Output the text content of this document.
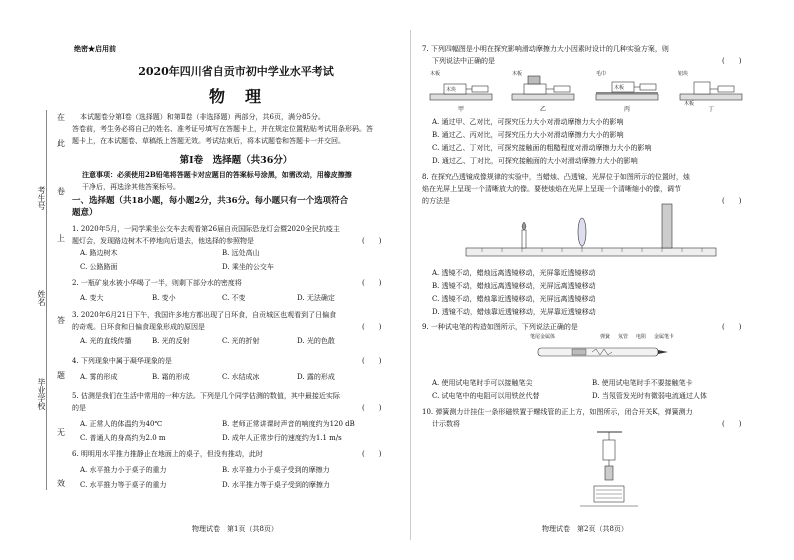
考生号
姓名
毕业学校
在
此
卷
上
答
题
无
效
绝密★启用前
2020年四川省自贡市初中学业水平考试
物　理
本试题卷分第Ⅰ卷（选择题）和第Ⅱ卷（非选择题）两部分，共6页，满分85分。
答卷前，考生务必将自己的姓名、准考证号填写在答题卡上，并在规定位置粘贴考试用条形码。答
题卡上，在本试题卷、草稿纸上答题无效。考试结束后，将本试题卷和答题卡一并交回。
第Ⅰ卷　选择题（共36分）
注意事项：必须使用2B铅笔将答题卡对应题目的答案标号涂黑，如需改动，用橡皮擦擦
干净后，再选涂其他答案标号。
一、选择题（共18小题，每小题2分，共36分。每小题只有一个选项符合
题意）
1. 2020年5月，一同学乘坐公交车去观看第26届自贡国际恐龙灯会暨2020全民抗疫主
题灯会，发现路边树木不停地向后退去，他选择的参照物是	(　　)
A. 路边树木	B. 远处高山
C. 公路路面	D. 乘坐的公交车
2. 一瓶矿泉水被小华喝了一半，则剩下部分水的密度将	(　　)
A. 变大	B. 变小	C. 不变	D. 无法确定
3. 2020年6月21日下午，我国许多地方都出现了日环食，自贡城区也观看到了日偏食
的奇观。日环食和日偏食现象形成的原因是	(　　)
A. 光的直线传播	B. 光的反射	C. 光的折射	D. 光的色散
4. 下列现象中属于凝华现象的是	(　　)
A. 雾的形成	B. 霜的形成	C. 水结成冰	D. 露的形成
5. 估测是我们在生活中常用的一种方法。下列是几个同学估测的数值，其中最接近实际
的是	(　　)
A. 正常人的体温约为40℃	B. 老师正常讲课时声音的响度约为120 dB
C. 普通人的身高约为2.0 m	D. 成年人正常步行的速度约为1.1 m/s
6. 明明用水平推力推静止在地面上的桌子，但没有推动，此时	(　　)
A. 水平推力小于桌子的重力	B. 水平推力小于桌子受到的摩擦力
C. 水平推力等于桌子的重力	D. 水平推力等于桌子受到的摩擦力
物理试卷　第1页（共8页）
7. 下列四幅图是小明在探究影响滑动摩擦力大小因素时设计的几种实验方案，则
下列说法中正确的是	(　　)
木板
木块
木板	毛巾
木板
铝块
木板
甲	乙	丙	丁
A. 通过甲、乙对比，可探究压力大小对滑动摩擦力大小的影响
B. 通过乙、丙对比，可探究压力大小对滑动摩擦力大小的影响
C. 通过乙、丁对比，可探究接触面的粗糙程度对滑动摩擦力大小的影响
D. 通过乙、丁对比，可探究接触面的大小对滑动摩擦力大小的影响
8. 在探究凸透镜成像规律的实验中，当蜡烛、凸透镜、光屏位于如图所示的位置时，烛
焰在光屏上呈现一个清晰放大的像。要使烛焰在光屏上呈现一个清晰缩小的像，调节
的方法是	(　　)
A. 透镜不动，蜡烛远离透镜移动，光屏靠近透镜移动
B. 透镜不动，蜡烛远离透镜移动，光屏远离透镜移动
C. 透镜不动，蜡烛靠近透镜移动，光屏远离透镜移动
D. 透镜不动，蜡烛靠近透镜移动，光屏靠近透镜移动
9. 一种试电笔的构造如图所示，下列说法正确的是	(　　)
笔尾金属体	弹簧 氖管 电阻 金属笔卡
A. 使用试电笔时手可以接触笔尖	B. 使用试电笔时手不要接触笔卡
C. 试电笔中的电阻可以用铁丝代替	D. 当氖管发光时有微弱电流通过人体
10. 弹簧测力计挂住一条形磁铁置于螺线管的正上方，如图所示，闭合开关K，弹簧测力
计示数将	(　　)
物理试卷　第2页（共8页）
